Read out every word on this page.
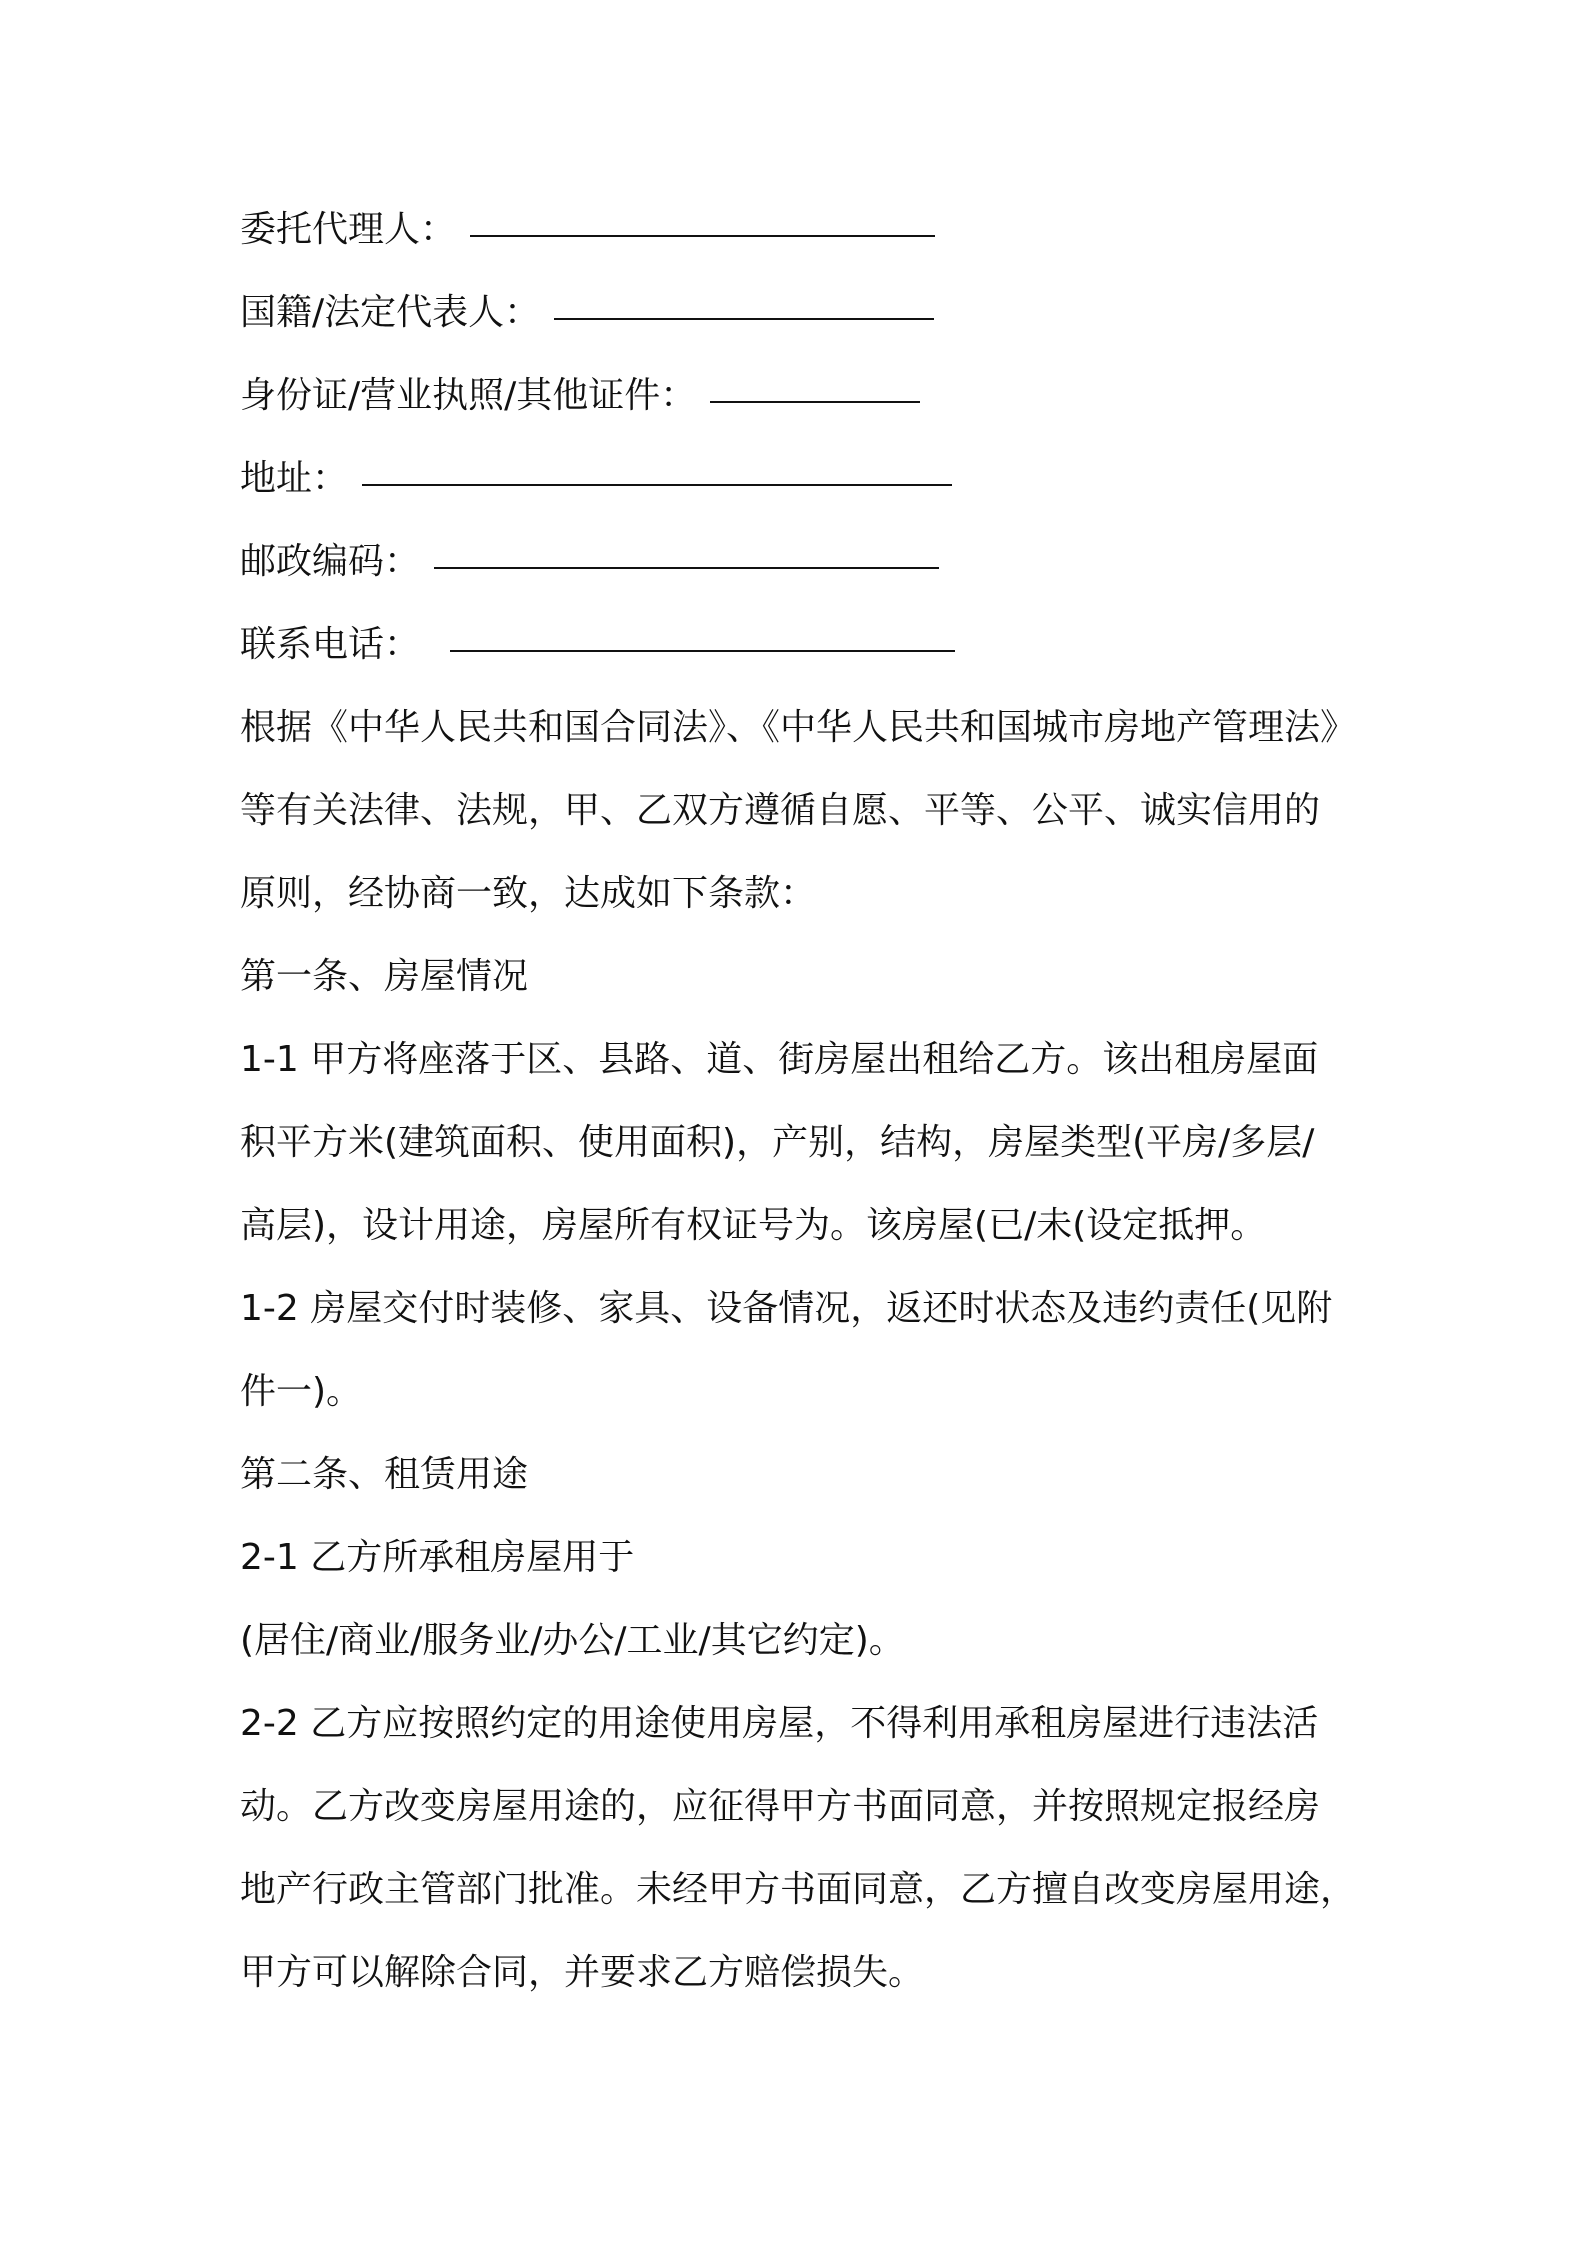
委托代理人：
国籍/法定代表人：
身份证/营业执照/其他证件：
地址：
邮政编码：
联系电话：
根据《中华人民共和国合同法》、《中华人民共和国城市房地产管理法》
等有关法律、法规，甲、乙双方遵循自愿、平等、公平、诚实信用的
原则，经协商一致，达成如下条款：
第一条、房屋情况
1-1 甲方将座落于区、县路、道、街房屋出租给乙方。该出租房屋面
积平方米(建筑面积、使用面积)，产别，结构，房屋类型(平房/多层/
高层)，设计用途，房屋所有权证号为。该房屋(已/未(设定抵押。
1-2 房屋交付时装修、家具、设备情况，返还时状态及违约责任(见附
件一)。
第二条、租赁用途
2-1 乙方所承租房屋用于
(居住/商业/服务业/办公/工业/其它约定)。
2-2 乙方应按照约定的用途使用房屋，不得利用承租房屋进行违法活
动。乙方改变房屋用途的，应征得甲方书面同意，并按照规定报经房
地产行政主管部门批准。未经甲方书面同意，乙方擅自改变房屋用途，
甲方可以解除合同，并要求乙方赔偿损失。
